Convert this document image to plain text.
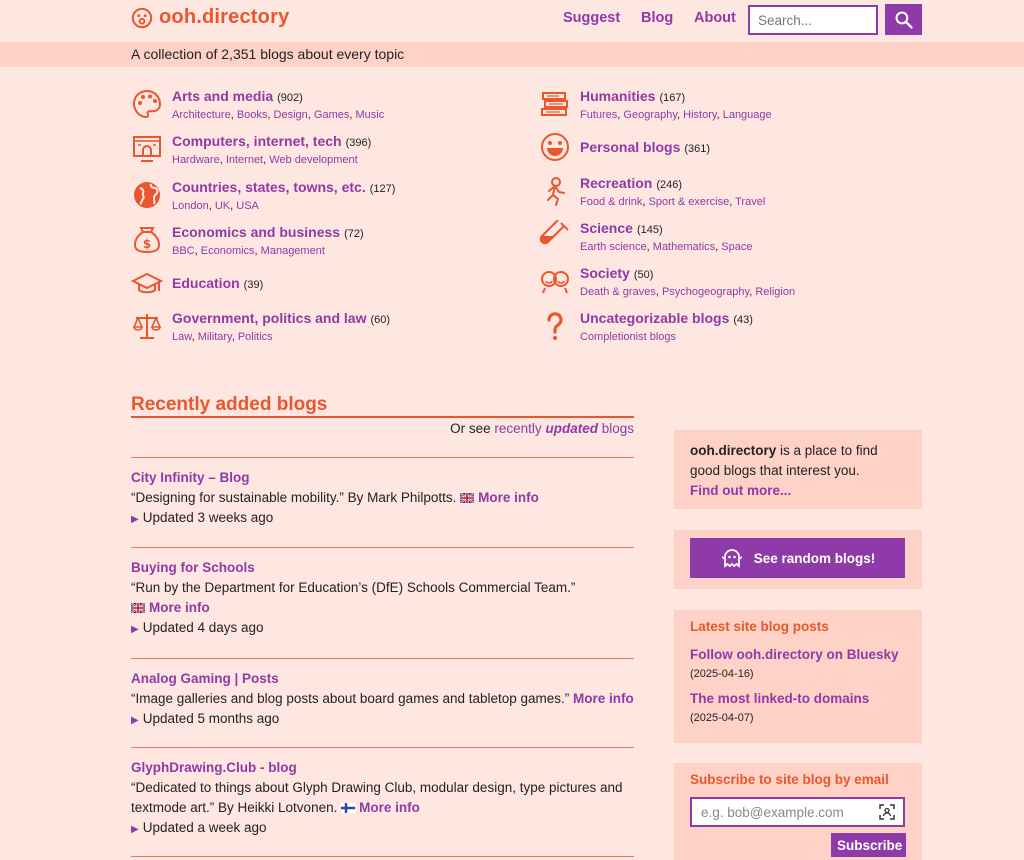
ooh.directory	Suggest Blog About
Search...
A collection of 2,351 blogs about every topic
Arts and media (902)
Architecture, Books, Design, Games, Music
Computers, internet, tech (396)
Hardware, Internet, Web development
Countries, states, towns, etc. (127)
London, UK, USA
$
Economics and business (72)
BBC, Economics, Management
Education (39)
Government, politics and law (60)
Law, Military, Politics
Humanities (167)
Futures, Geography, History, Language
Personal blogs (361)
Recreation (246)
Food & drink, Sport & exercise, Travel
Science (145)
Earth science, Mathematics, Space
Society (50)
Death & graves, Psychogeography, Religion
Uncategorizable blogs (43)
Completionist blogs
Recently added blogs
Or see recently updated blogs
City Infinity – Blog
“Designing for sustainable mobility.” By Mark Philpotts. More info
▶ Updated 3 weeks ago
Buying for Schools
“Run by the Department for Education’s (DfE) Schools Commercial Team.”
More info
▶ Updated 4 days ago
Analog Gaming | Posts
“Image galleries and blog posts about board games and tabletop games.” More info
▶ Updated 5 months ago
GlyphDrawing.Club - blog
“Dedicated to things about Glyph Drawing Club, modular design, type pictures and textmode art.” By Heikki Lotvonen. More info
▶ Updated a week ago
ooh.directory is a place to find good blogs that interest you.
Find out more...
See random blogs!
Latest site blog posts
Follow ooh.directory on Bluesky
(2025-04-16)
The most linked-to domains
(2025-04-07)
Subscribe to site blog by email
e.g. bob@example.com
Subscribe
